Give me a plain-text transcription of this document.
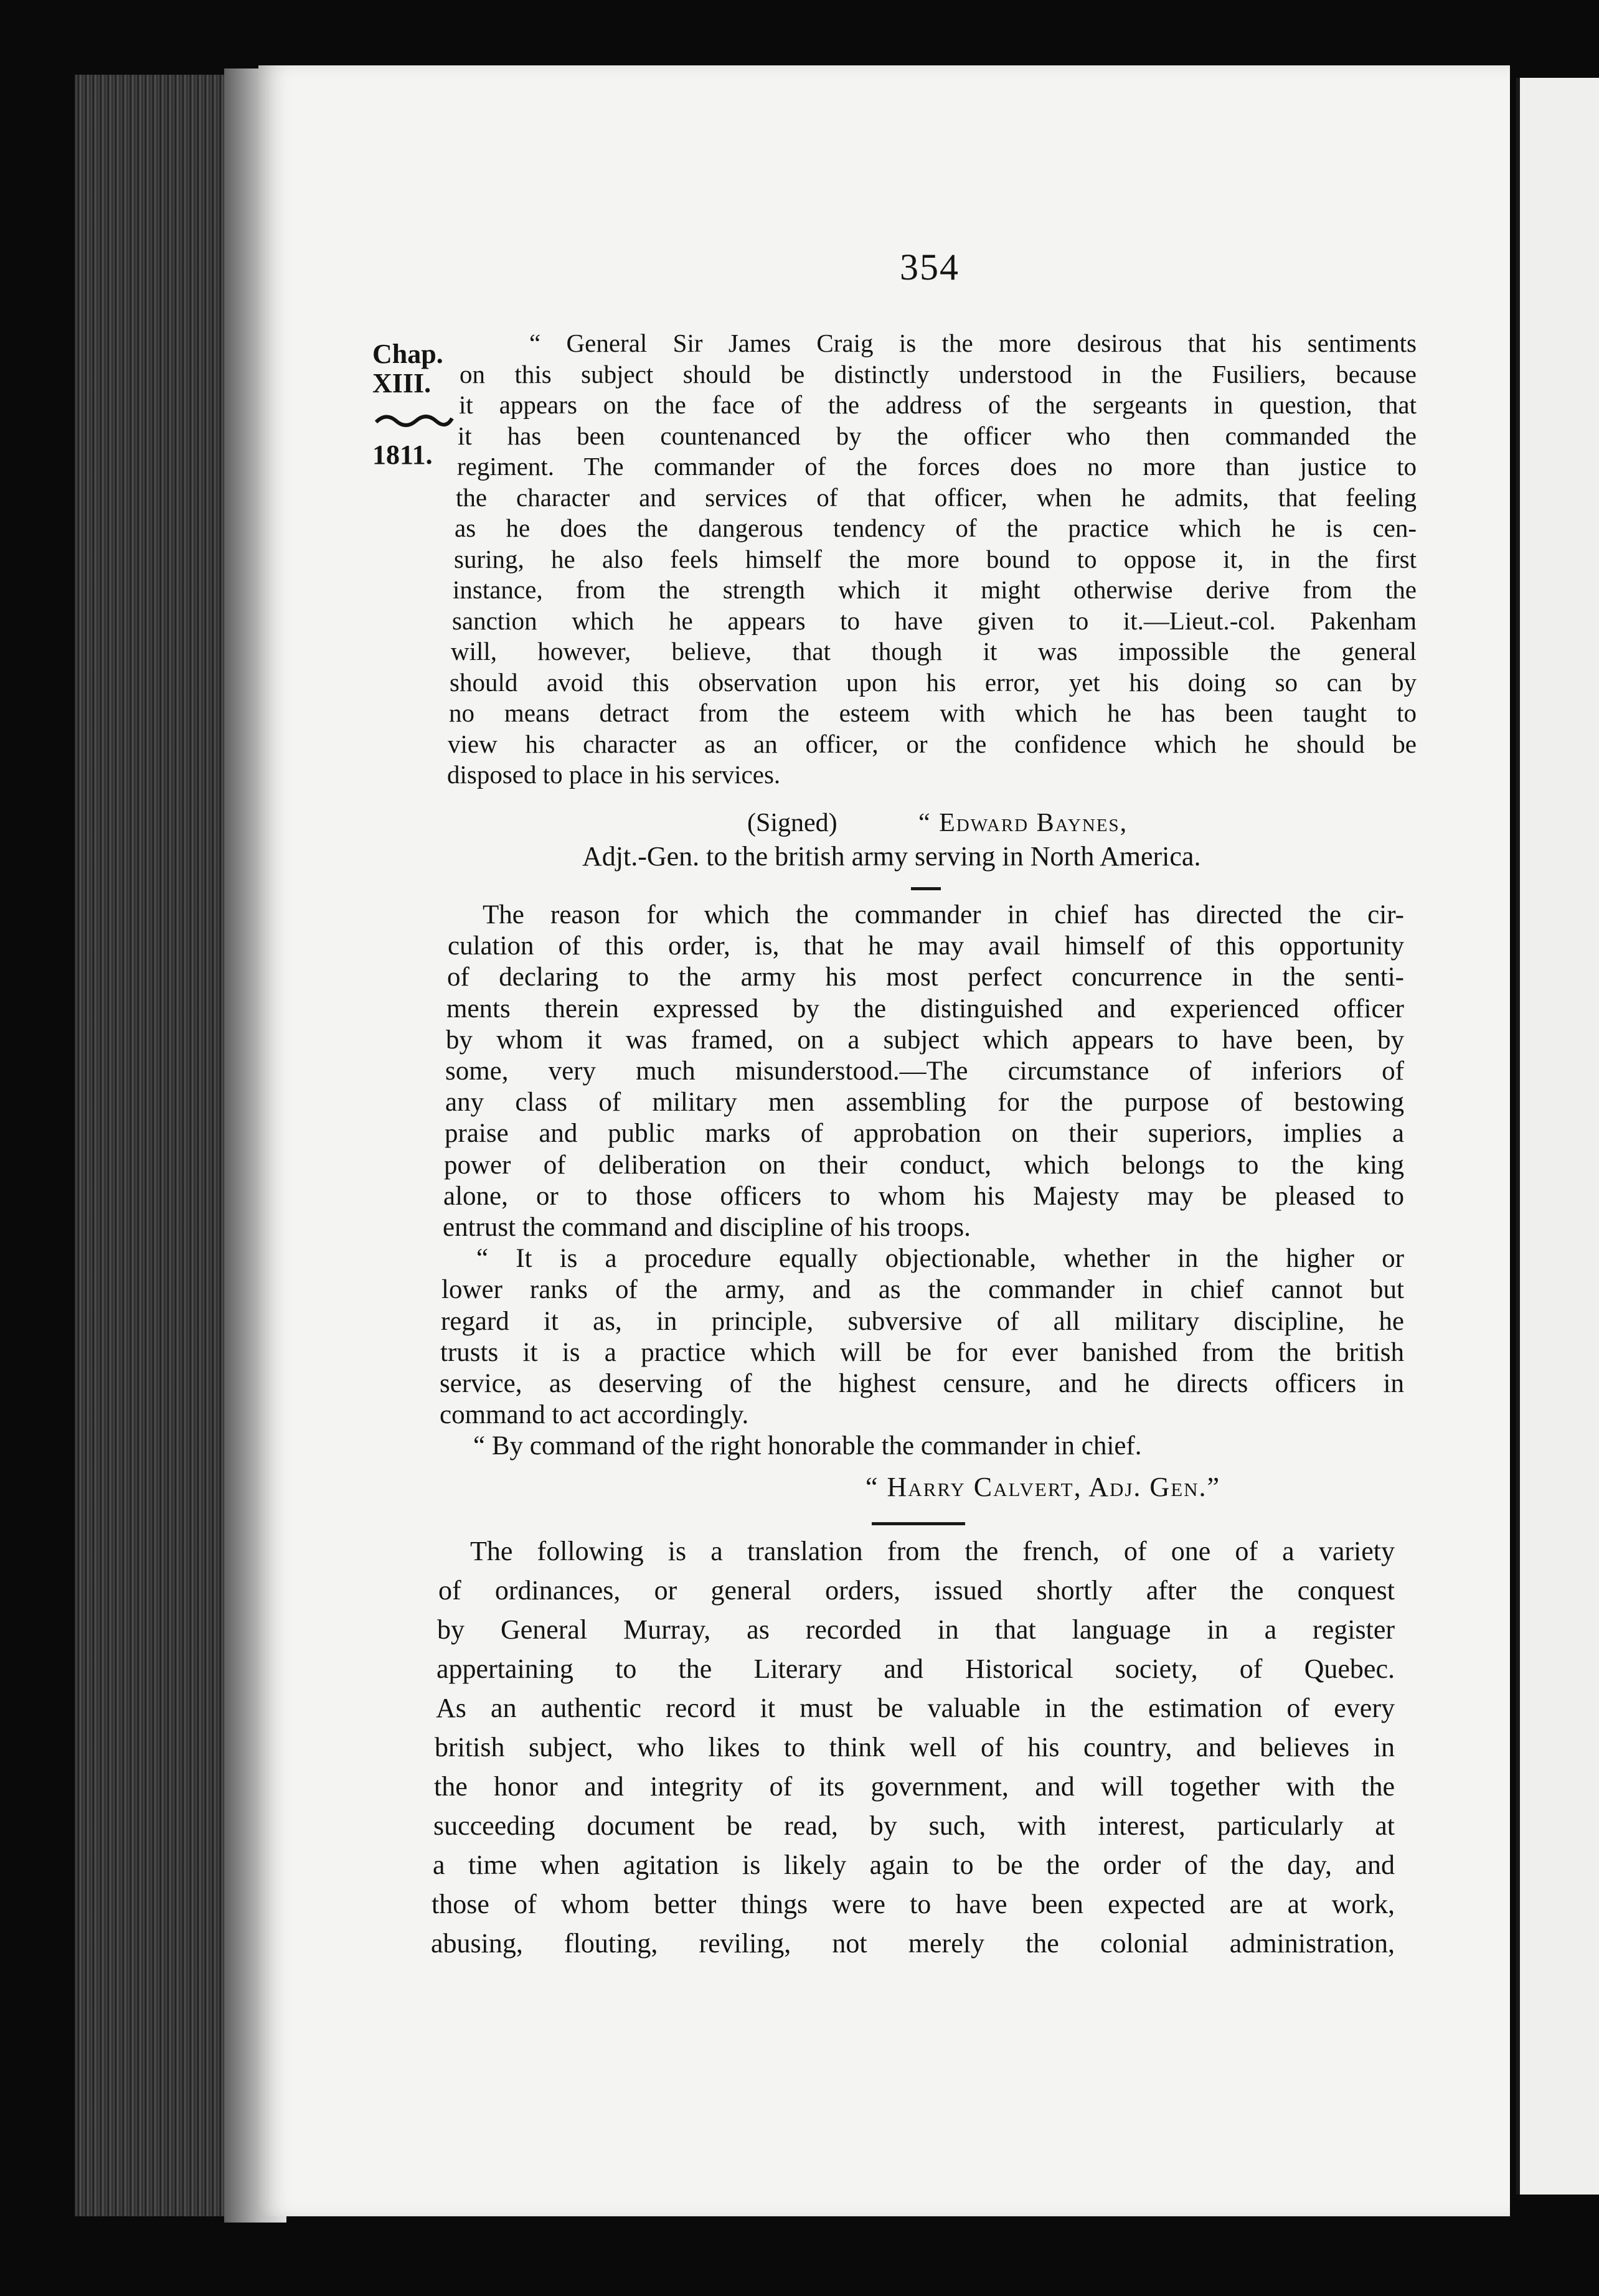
354
Chap.
XIII.
1811.
“ General Sir James Craig is the more desirous that his sentiments
on this subject should be distinctly understood in the Fusiliers, because
it appears on the face of the address of the sergeants in question, that
it has been countenanced by the officer who then commanded the
regiment. The commander of the forces does no more than justice to
the character and services of that officer, when he admits, that feeling
as he does the dangerous tendency of the practice which he is cen-
suring, he also feels himself the more bound to oppose it, in the first
instance, from the strength which it might otherwise derive from the
sanction which he appears to have given to it.—Lieut.-col. Pakenham
will, however, believe, that though it was impossible the general
should avoid this observation upon his error, yet his doing so can by
no means detract from the esteem with which he has been taught to
view his character as an officer, or the confidence which he should be
disposed to place in his services.
(Signed)	“ Edward Baynes,
Adjt.-Gen. to the british army serving in North America.
The reason for which the commander in chief has directed the cir-
culation of this order, is, that he may avail himself of this opportunity
of declaring to the army his most perfect concurrence in the senti-
ments therein expressed by the distinguished and experienced officer
by whom it was framed, on a subject which appears to have been, by
some, very much misunderstood.—The circumstance of inferiors of
any class of military men assembling for the purpose of bestowing
praise and public marks of approbation on their superiors, implies a
power of deliberation on their conduct, which belongs to the king
alone, or to those officers to whom his Majesty may be pleased to
entrust the command and discipline of his troops.
“ It is a procedure equally objectionable, whether in the higher or
lower ranks of the army, and as the commander in chief cannot but
regard it as, in principle, subversive of all military discipline, he
trusts it is a practice which will be for ever banished from the british
service, as deserving of the highest censure, and he directs officers in
command to act accordingly.
“ By command of the right honorable the commander in chief.
“ Harry Calvert, Adj. Gen.”
The following is a translation from the french, of one of a variety
of ordinances, or general orders, issued shortly after the conquest
by General Murray, as recorded in that language in a register
appertaining to the Literary and Historical society, of Quebec.
As an authentic record it must be valuable in the estimation of every
british subject, who likes to think well of his country, and believes in
the honor and integrity of its government, and will together with the
succeeding document be read, by such, with interest, particularly at
a time when agitation is likely again to be the order of the day, and
those of whom better things were to have been expected are at work,
abusing, flouting, reviling, not merely the colonial administration,
